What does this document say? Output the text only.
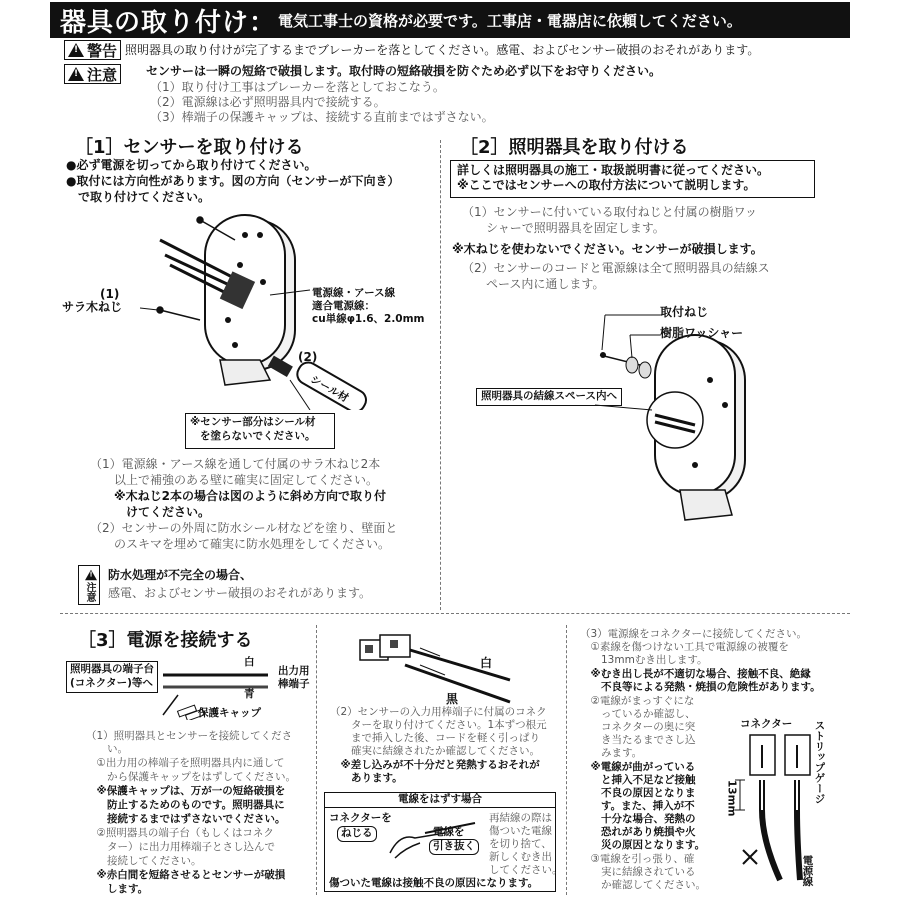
器具の取り付け： 電気工事士の資格が必要です。工事店・電器店に依頼してください。
!
警告 照明器具の取り付けが完了するまでブレーカーを落としてください。感電、およびセンサー破損のおそれがあります。
!
注意 センサーは一瞬の短絡で破損します。取付時の短絡破損を防ぐため必ず以下をお守りください。
（1）取り付け工事はブレーカーを落としておこなう。
（2）電源線は必ず照明器具内で接続する。
（3）棒端子の保護キャップは、接続する直前まではずさない。
［1］センサーを取り付ける
●必ず電源を切ってから取り付けてください。
●取付には方向性があります。図の方向（センサーが下向き）
　で取り付けてください。
(1)
サラ木ねじ
電源線・アース線
適合電源線：
cu単線φ1.6、2.0mm
(2)
シール材
※センサー部分はシール材
を塗らないでください。
（1）電源線・アース線を通して付属のサラ木ねじ2本
　　以上で補強のある壁に確実に固定してください。
　　※木ねじ2本の場合は図のように斜め方向で取り付
　　　けてください。
（2）センサーの外周に防水シール材などを塗り、壁面と
　　のスキマを埋めて確実に防水処理をしてください。
!
注意
防水処理が不完全の場合、
感電、およびセンサー破損のおそれがあります。
［2］照明器具を取り付ける
詳しくは照明器具の施工・取扱説明書に従ってください。
※ここではセンサーへの取付方法について説明します。
（1）センサーに付いている取付ねじと付属の樹脂ワッ
　　シャーで照明器具を固定します。
※木ねじを使わないでください。センサーが破損します。
（2）センサーのコードと電源線は全て照明器具の結線ス
　　ペース内に通します。
取付ねじ
樹脂ワッシャー
照明器具の結線スペース内へ
［3］電源を接続する
照明器具の端子台
(コネクター)等へ
白
青
出力用
棒端子
保護キャップ
（1）照明器具とセンサーを接続してくださ
　　い。
　①出力用の棒端子を照明器具内に通して
　　から保護キャップをはずしてください。
　※保護キャップは、万が一の短絡破損を
　　防止するためのものです。照明器具に
　　接続するまではずさないでください。
　②照明器具の端子台（もしくはコネク
　　ター）に出力用棒端子とさし込んで
　　接続してください。
　※赤白間を短絡させるとセンサーが破損
　　します。
白
黒
（2）センサーの入力用棒端子に付属のコネク
　　ターを取り付けてください。1本ずつ根元
　　まで挿入した後、コードを軽く引っぱり
　　確実に結線されたか確認してください。
　※差し込みが不十分だと発熱するおそれが
　　あります。
電線をはずす場合
コネクターを
ねじる	電線を
引き抜く
再結線の際は
傷ついた電線
を切り捨て、
新しくむき出
してください。
傷ついた電線は接触不良の原因になります。
（3）電源線をコネクターに接続してください。
　①素線を傷つけない工具で電源線の被覆を
　　13mmむき出します。
　※むき出し長が不適切な場合、接触不良、絶縁
　　不良等による発熱・焼損の危険性があります。
　②電線がまっすぐにな
　　っているか確認し、
　　コネクターの奥に突
　　き当たるまでさし込
　　みます。
　※電線が曲がっている
　　と挿入不足など接触
　　不良の原因となりま
　　す。また、挿入が不
　　十分な場合、発熱の
　　恐れがあり焼損や火
　　災の原因となります。
　③電線を引っ張り、確
　　実に結線されている
　　か確認してください。
コネクター ストリップゲージ
13mm
電源線
